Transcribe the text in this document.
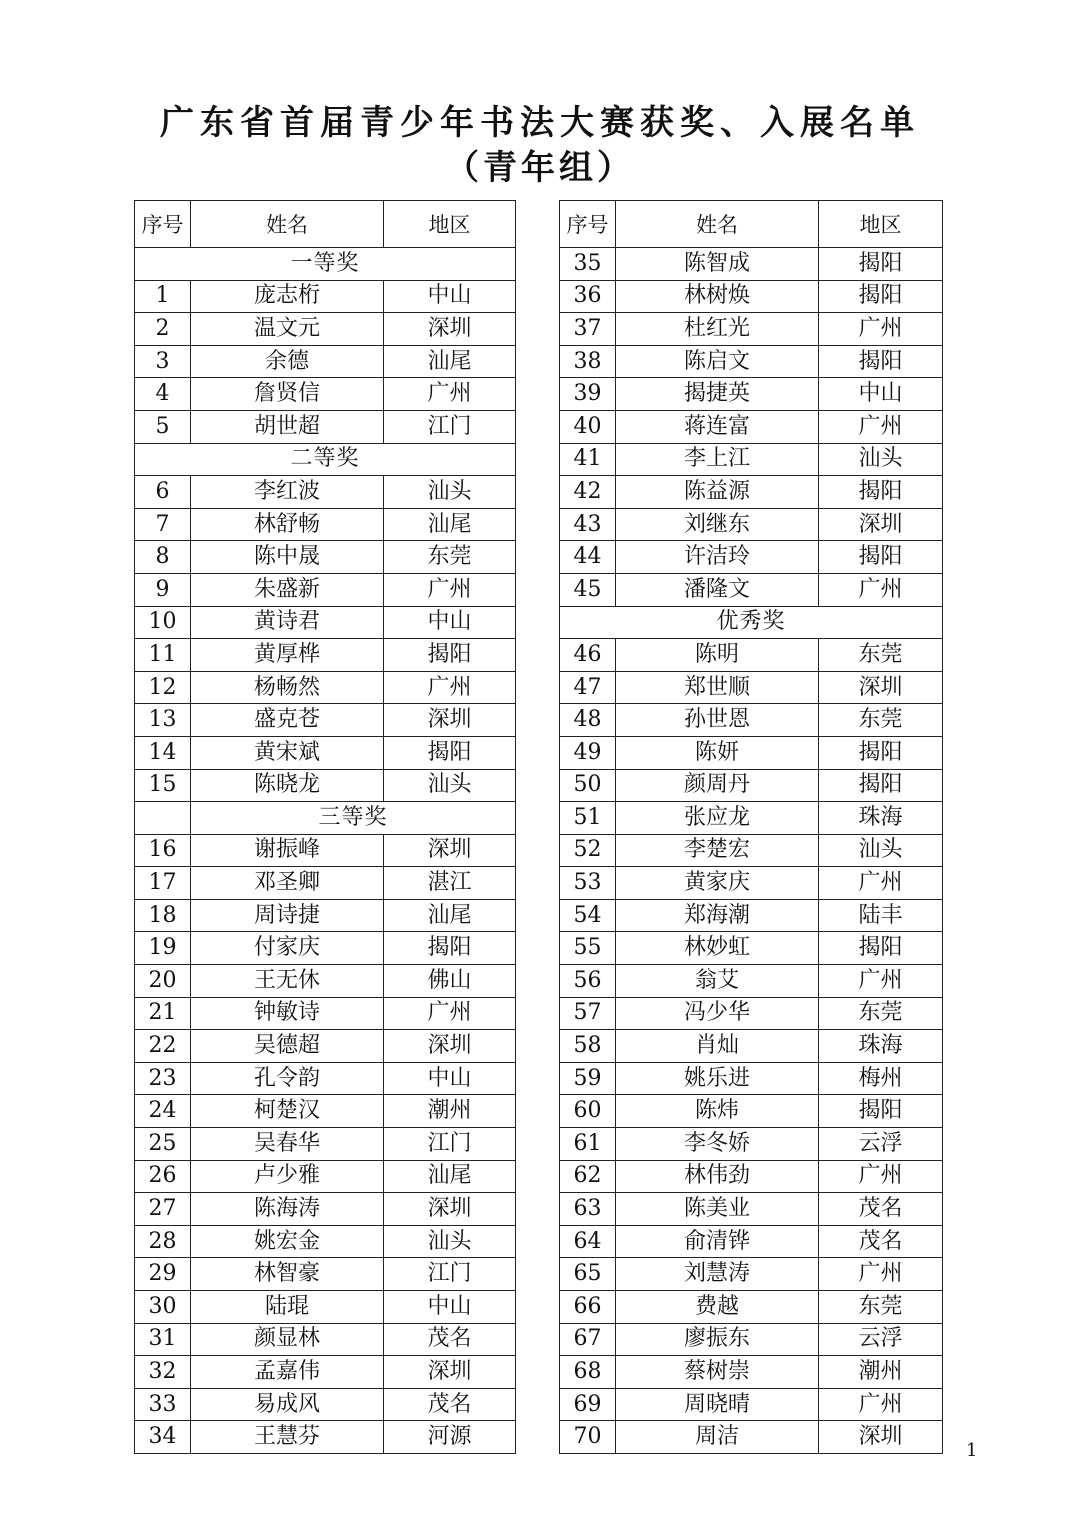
广东省首届青少年书法大赛获奖、入展名单
（青年组）
序号	姓名	地区
一等奖		
1	庞志桁	中山
2	温文元	深圳
3	余德	汕尾
4	詹贤信	广州
5	胡世超	江门
二等奖		
6	李红波	汕头
7	林舒畅	汕尾
8	陈中晟	东莞
9	朱盛新	广州
10	黄诗君	中山
11	黄厚桦	揭阳
12	杨畅然	广州
13	盛克苍	深圳
14	黄宋斌	揭阳
15	陈晓龙	汕头
	三等奖	
16	谢振峰	深圳
17	邓圣卿	湛江
18	周诗捷	汕尾
19	付家庆	揭阳
20	王无休	佛山
21	钟敏诗	广州
22	吴德超	深圳
23	孔令韵	中山
24	柯楚汉	潮州
25	吴春华	江门
26	卢少雅	汕尾
27	陈海涛	深圳
28	姚宏金	汕头
29	林智豪	江门
30	陆琨	中山
31	颜显林	茂名
32	孟嘉伟	深圳
33	易成风	茂名
34	王慧芬	河源
序号	姓名	地区
35	陈智成	揭阳
36	林树焕	揭阳
37	杜红光	广州
38	陈启文	揭阳
39	揭捷英	中山
40	蒋连富	广州
41	李上江	汕头
42	陈益源	揭阳
43	刘继东	深圳
44	许洁玲	揭阳
45	潘隆文	广州
优秀奖		
46	陈明	东莞
47	郑世顺	深圳
48	孙世恩	东莞
49	陈妍	揭阳
50	颜周丹	揭阳
51	张应龙	珠海
52	李楚宏	汕头
53	黄家庆	广州
54	郑海潮	陆丰
55	林妙虹	揭阳
56	翁艾	广州
57	冯少华	东莞
58	肖灿	珠海
59	姚乐进	梅州
60	陈炜	揭阳
61	李冬娇	云浮
62	林伟劲	广州
63	陈美业	茂名
64	俞清铧	茂名
65	刘慧涛	广州
66	费越	东莞
67	廖振东	云浮
68	蔡树崇	潮州
69	周晓晴	广州
70	周洁	深圳
1
